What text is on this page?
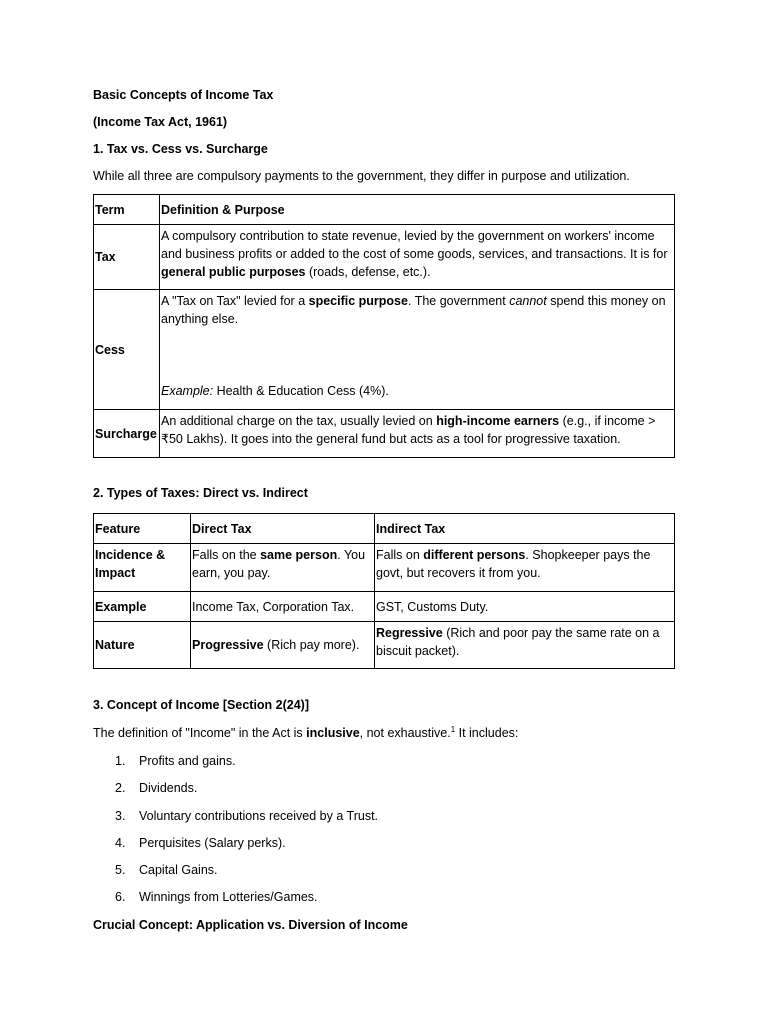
Basic Concepts of Income Tax

(Income Tax Act, 1961)

1. Tax vs. Cess vs. Surcharge

While all three are compulsory payments to the government, they differ in purpose and utilization.

Term	Definition & Purpose
Tax	A compulsory contribution to state revenue, levied by the government on workers' income and business profits or added to the cost of some goods, services, and transactions. It is for general public purposes (roads, defense, etc.).

Cess	A "Tax on Tax" levied for a specific purpose. The government cannot spend this money on anything else.
Example: Health & Education Cess (4%).

Surcharge	An additional charge on the tax, usually levied on high-income earners (e.g., if income > ₹50 Lakhs). It goes into the general fund but acts as a tool for progressive taxation.

2. Types of Taxes: Direct vs. Indirect

Feature	Direct Tax	Indirect Tax

Incidence & Impact	Falls on the same person. You earn, you pay.	Falls on different persons. Shopkeeper pays the govt, but recovers it from you.

Example	Income Tax, Corporation Tax.	GST, Customs Duty.
Nature	Progressive (Rich pay more).	Regressive (Rich and poor pay the same rate on a biscuit packet).

3. Concept of Income [Section 2(24)]

The definition of "Income" in the Act is inclusive, not exhaustive.$^1$ It includes:

1. Profits and gains.
2. Dividends.
3. Voluntary contributions received by a Trust.
4. Perquisites (Salary perks).
5. Capital Gains.
6. Winnings from Lotteries/Games.

Crucial Concept: Application vs. Diversion of Income
